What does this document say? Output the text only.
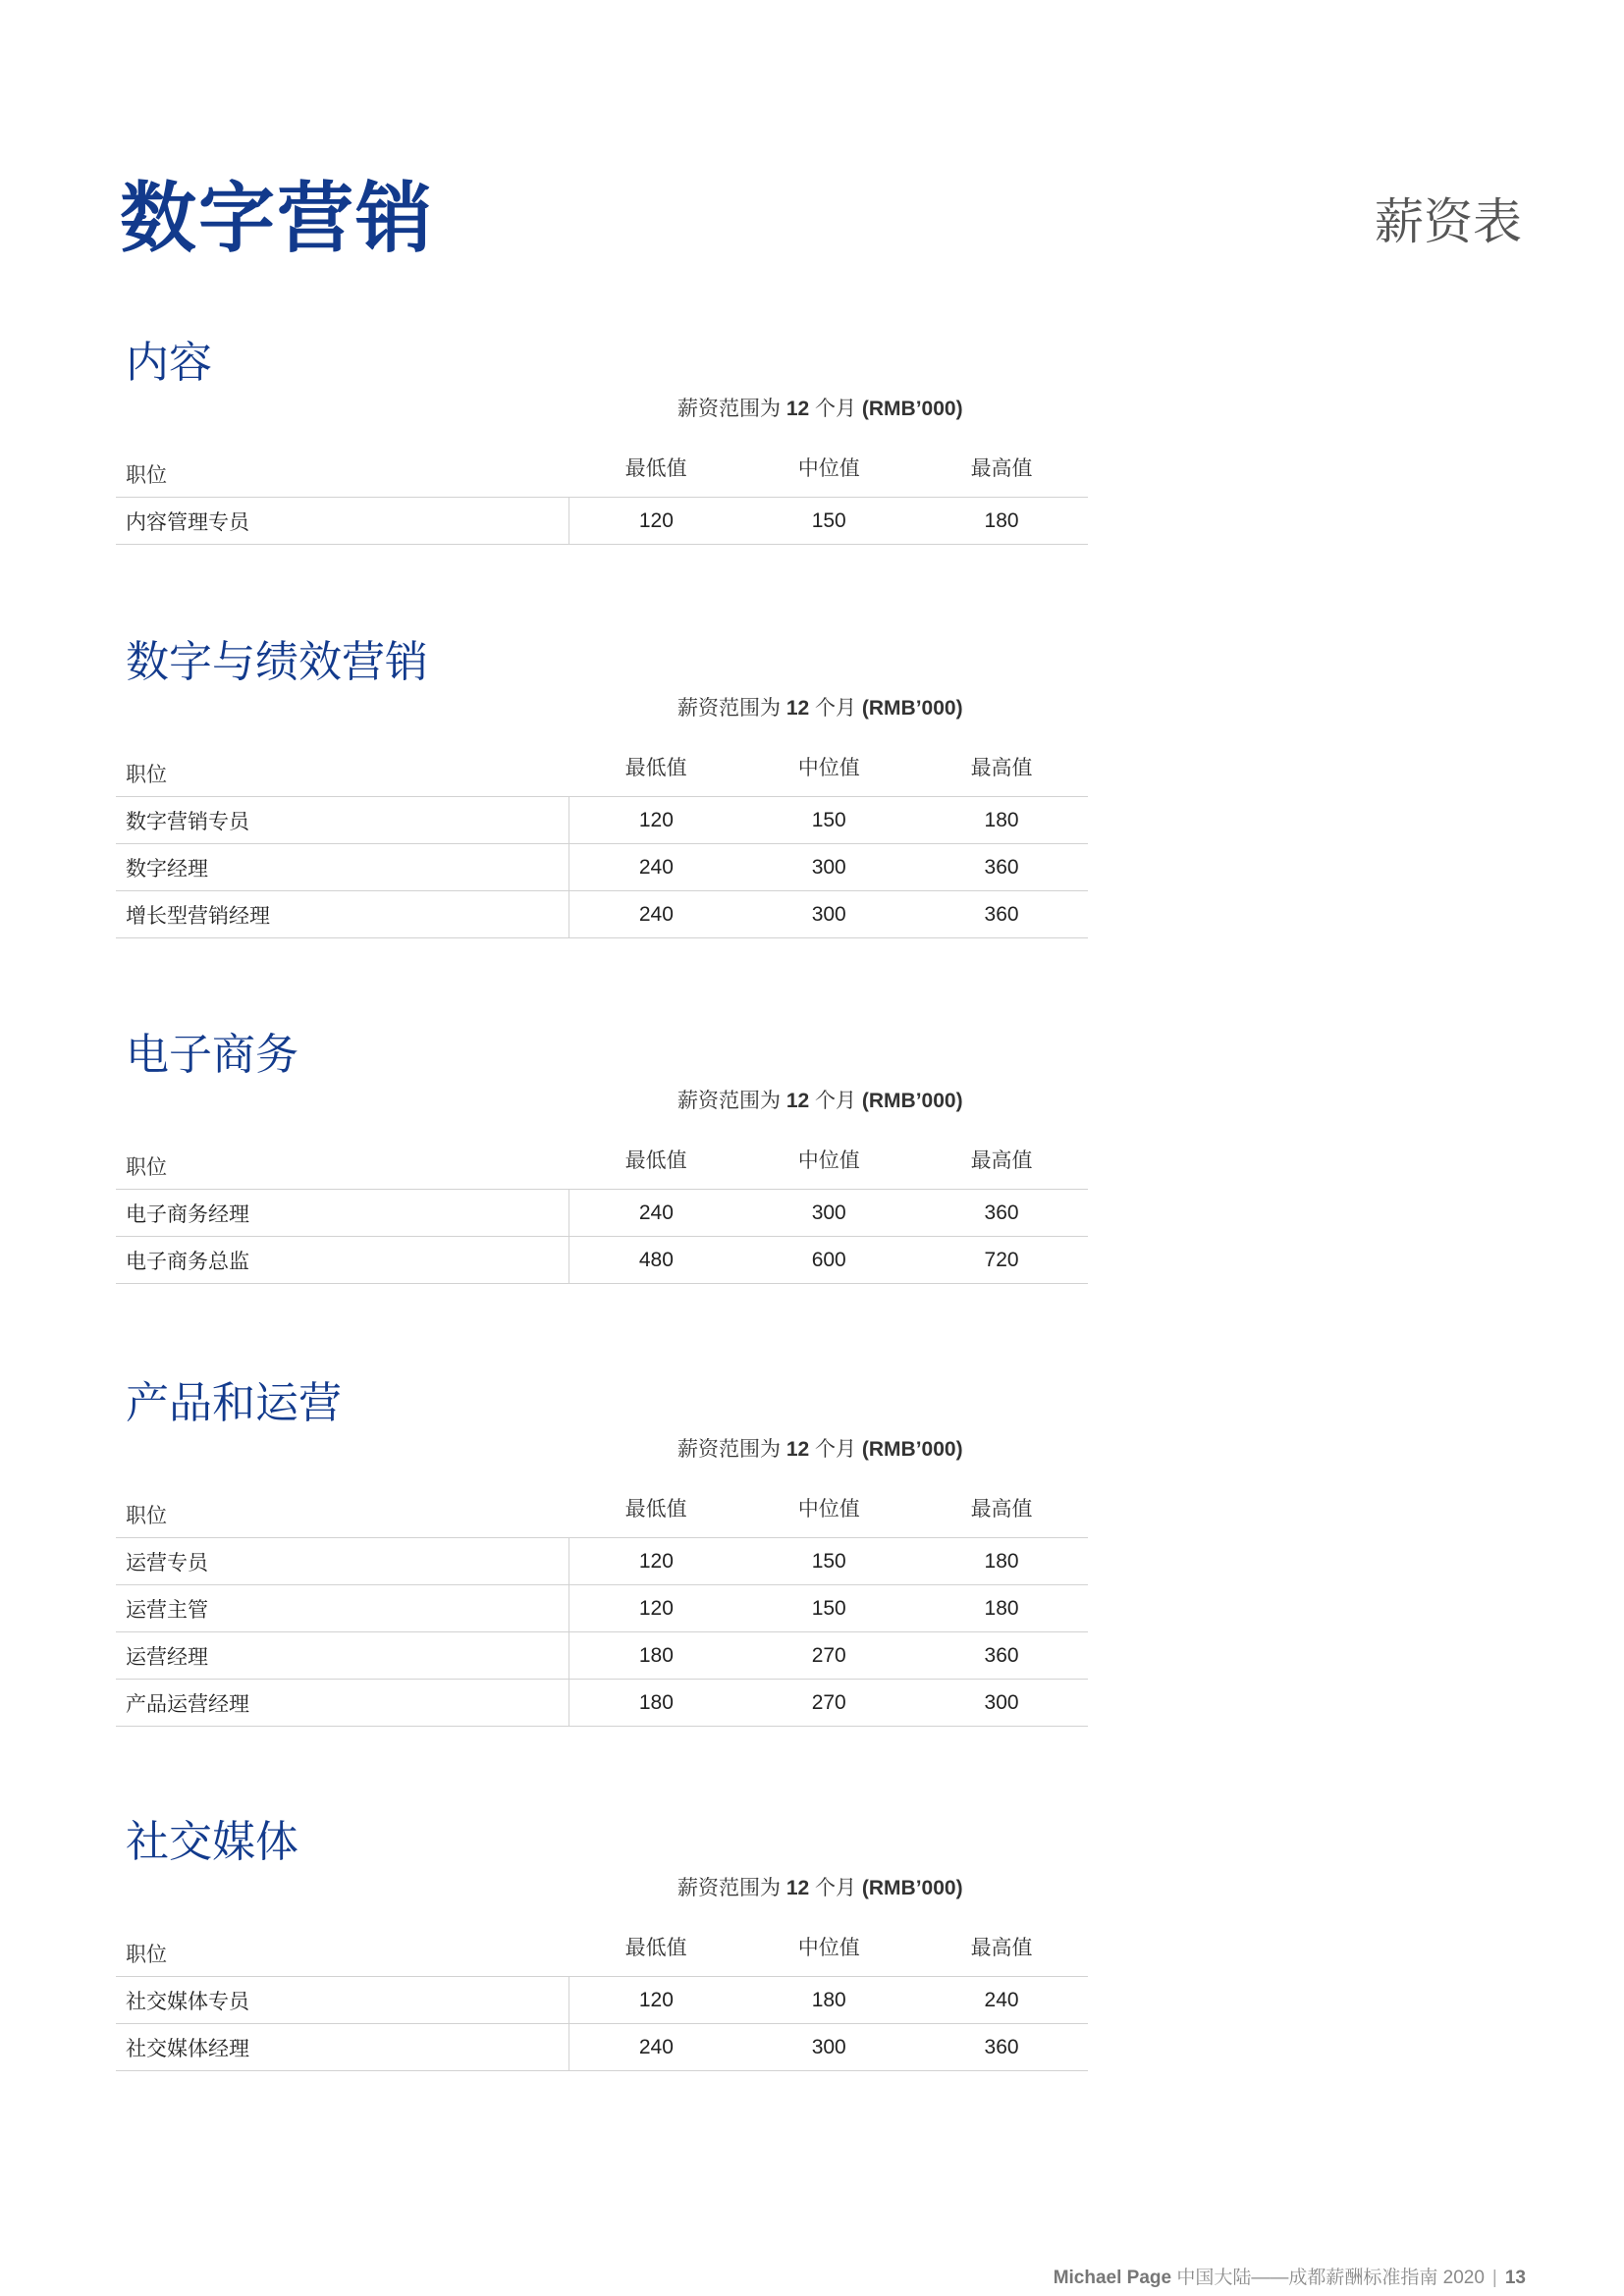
数字营销	薪资表
内容
薪资范围为 12 个月 (RMB’000)
职位	最低值	中位值	最高值
内容管理专员	120	150	180
数字与绩效营销
薪资范围为 12 个月 (RMB’000)
职位	最低值	中位值	最高值
数字营销专员	120	150	180
数字经理	240	300	360
增长型营销经理	240	300	360
电子商务
薪资范围为 12 个月 (RMB’000)
职位	最低值	中位值	最高值
电子商务经理	240	300	360
电子商务总监	480	600	720
产品和运营
薪资范围为 12 个月 (RMB’000)
职位	最低值	中位值	最高值
运营专员	120	150	180
运营主管	120	150	180
运营经理	180	270	360
产品运营经理	180	270	300
社交媒体
薪资范围为 12 个月 (RMB’000)
职位	最低值	中位值	最高值
社交媒体专员	120	180	240
社交媒体经理	240	300	360
Michael Page 中国大陆——成都薪酬标准指南 2020 | 13
